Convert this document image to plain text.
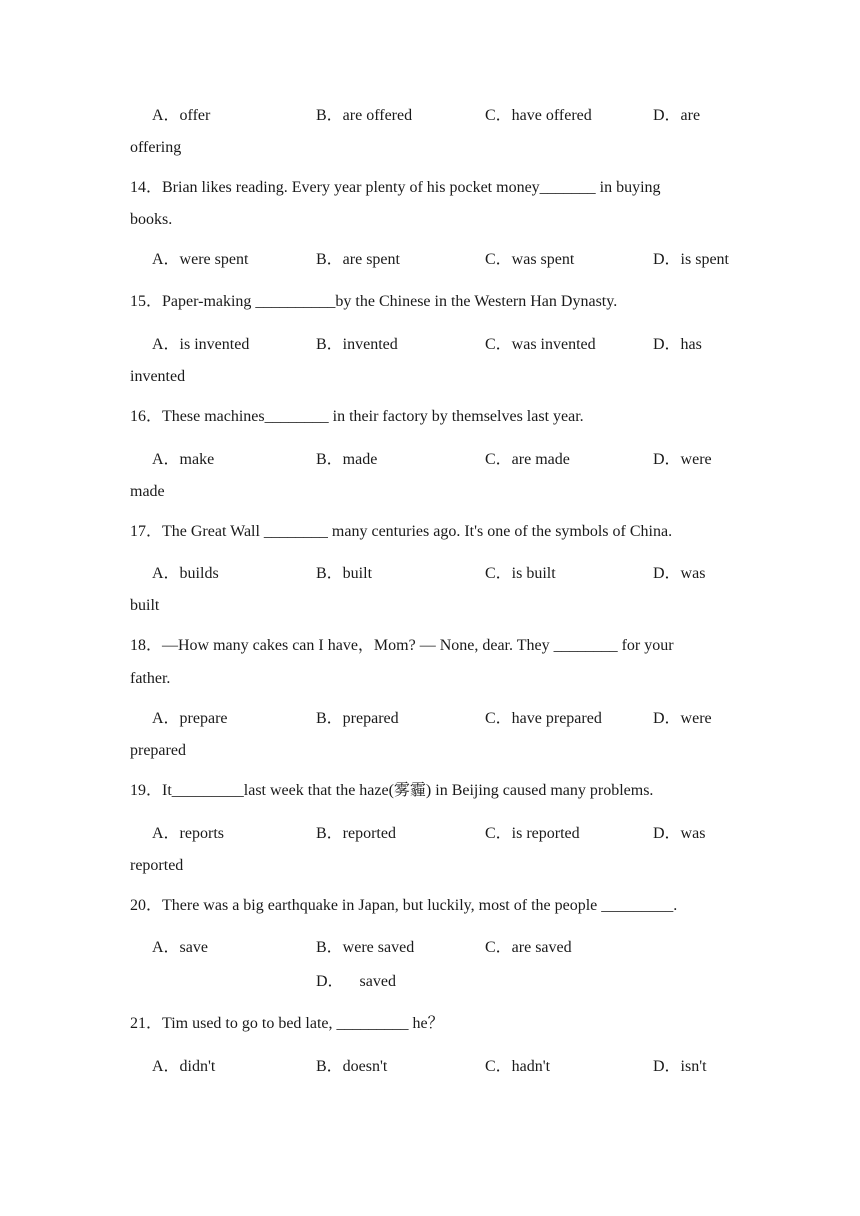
A．offer	B．are offered	C．have offered	D．are
offering
14．Brian likes reading. Every year plenty of his pocket money_______ in buying
books.
A．were spent	B．are spent	C．was spent	D．is spent
15．Paper-making __________by the Chinese in the Western Han Dynasty.
A．is invented	B．invented	C．was invented	D．has
invented
16．These machines________ in their factory by themselves last year.
A．make	B．made	C．are made	D．were
made
17．The Great Wall ________ many centuries ago. It's one of the symbols of China.
A．builds	B．built	C．is built	D．was
built
18．—How many cakes can I have，Mom? — None, dear. They ________ for your
father.
A．prepare	B．prepared	C．have prepared	D．were
prepared
19．It_________last week that the haze(雾霾) in Beijing caused many problems.
A．reports	B．reported	C．is reported	D．was
reported
20．There was a big earthquake in Japan, but luckily, most of the people _________.
A．save	B．were saved	C．are saved
D．    saved
21．Tim used to go to bed late, _________ he？
A．didn't	B．doesn't	C．hadn't	D．isn't
